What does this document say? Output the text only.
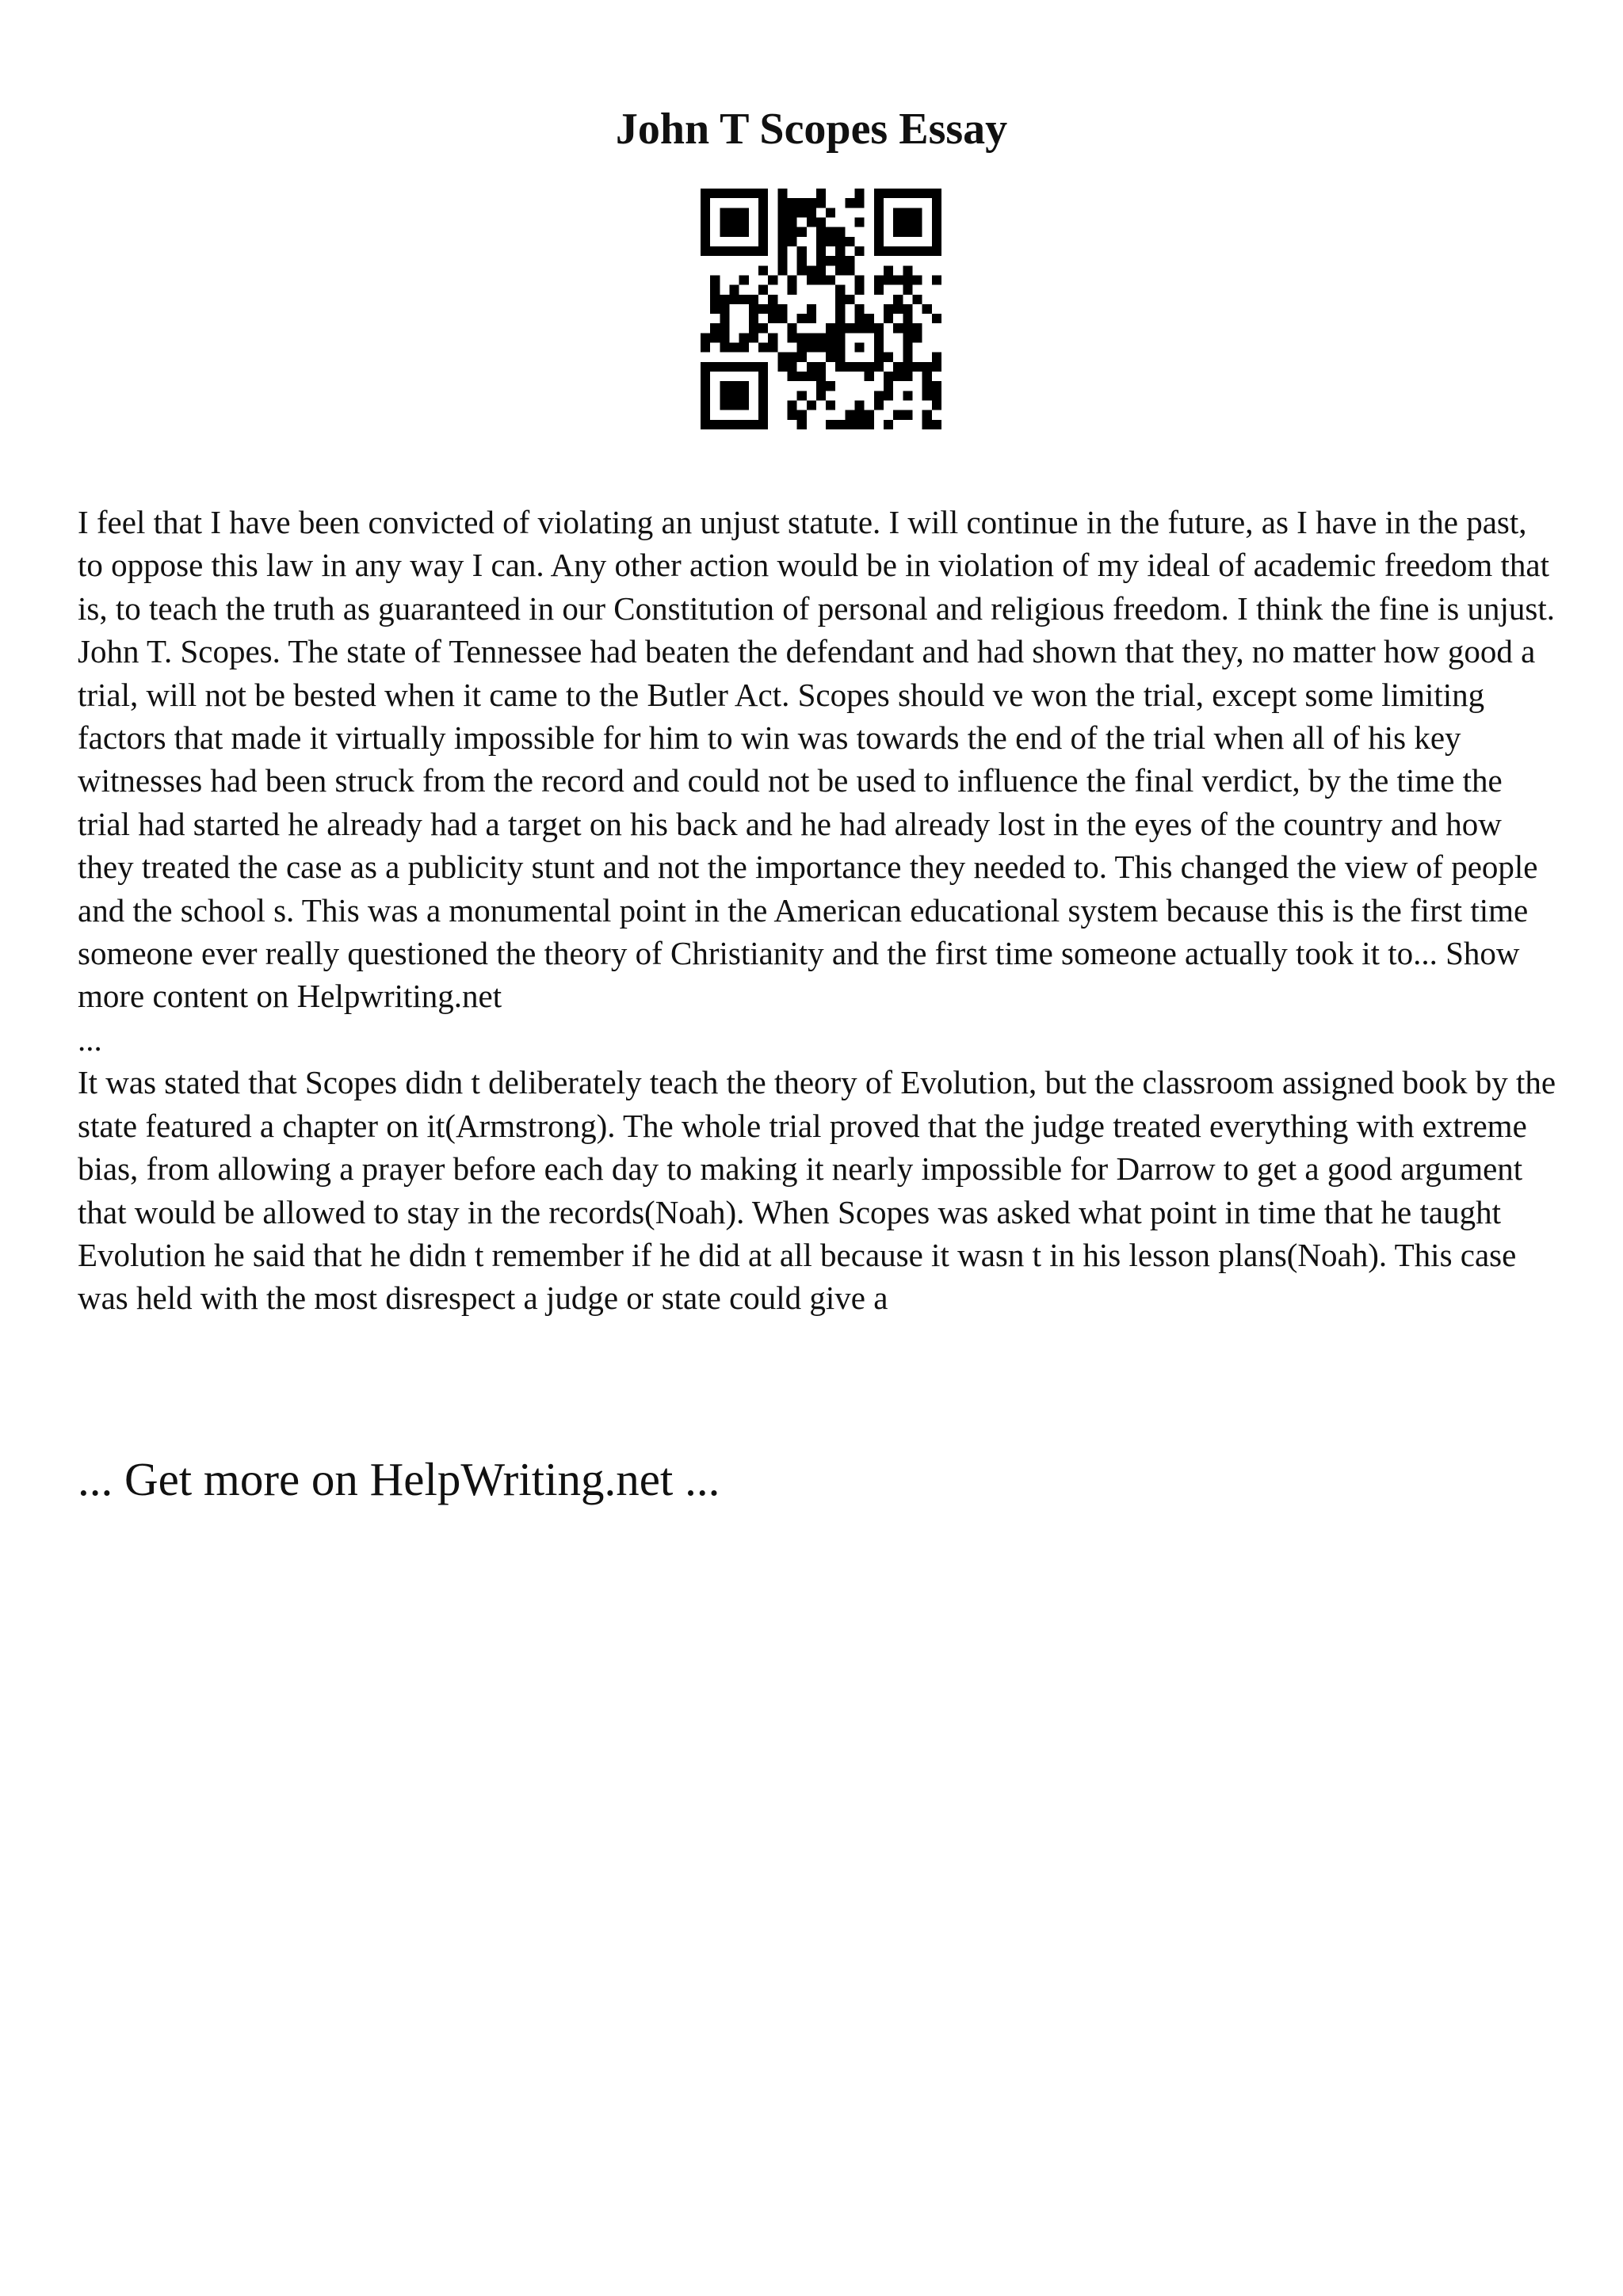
John T Scopes Essay

I feel that I have been convicted of violating an unjust statute. I will continue in the future, as I have in the past, to oppose this law in any way I can. Any other action would be in violation of my ideal of academic freedom that is, to teach the truth as guaranteed in our Constitution of personal and religious freedom. I think the fine is unjust. John T. Scopes. The state of Tennessee had beaten the defendant and had shown that they, no matter how good a trial, will not be bested when it came to the Butler Act. Scopes should ve won the trial, except some limiting factors that made it virtually impossible for him to win was towards the end of the trial when all of his key witnesses had been struck from the record and could not be used to influence the final verdict, by the time the trial had started he already had a target on his back and he had already lost in the eyes of the country and how they treated the case as a publicity stunt and not the importance they needed to. This changed the view of people and the school s. This was a monumental point in the American educational system because this is the first time someone ever really questioned the theory of Christianity and the first time someone actually took it to... Show more content on Helpwriting.net

...

It was stated that Scopes didn t deliberately teach the theory of Evolution, but the classroom assigned book by the state featured a chapter on it(Armstrong). The whole trial proved that the judge treated everything with extreme bias, from allowing a prayer before each day to making it nearly impossible for Darrow to get a good argument that would be allowed to stay in the records(Noah). When Scopes was asked what point in time that he taught Evolution he said that he didn t remember if he did at all because it wasn t in his lesson plans(Noah). This case was held with the most disrespect a judge or state could give a

... Get more on HelpWriting.net ...
